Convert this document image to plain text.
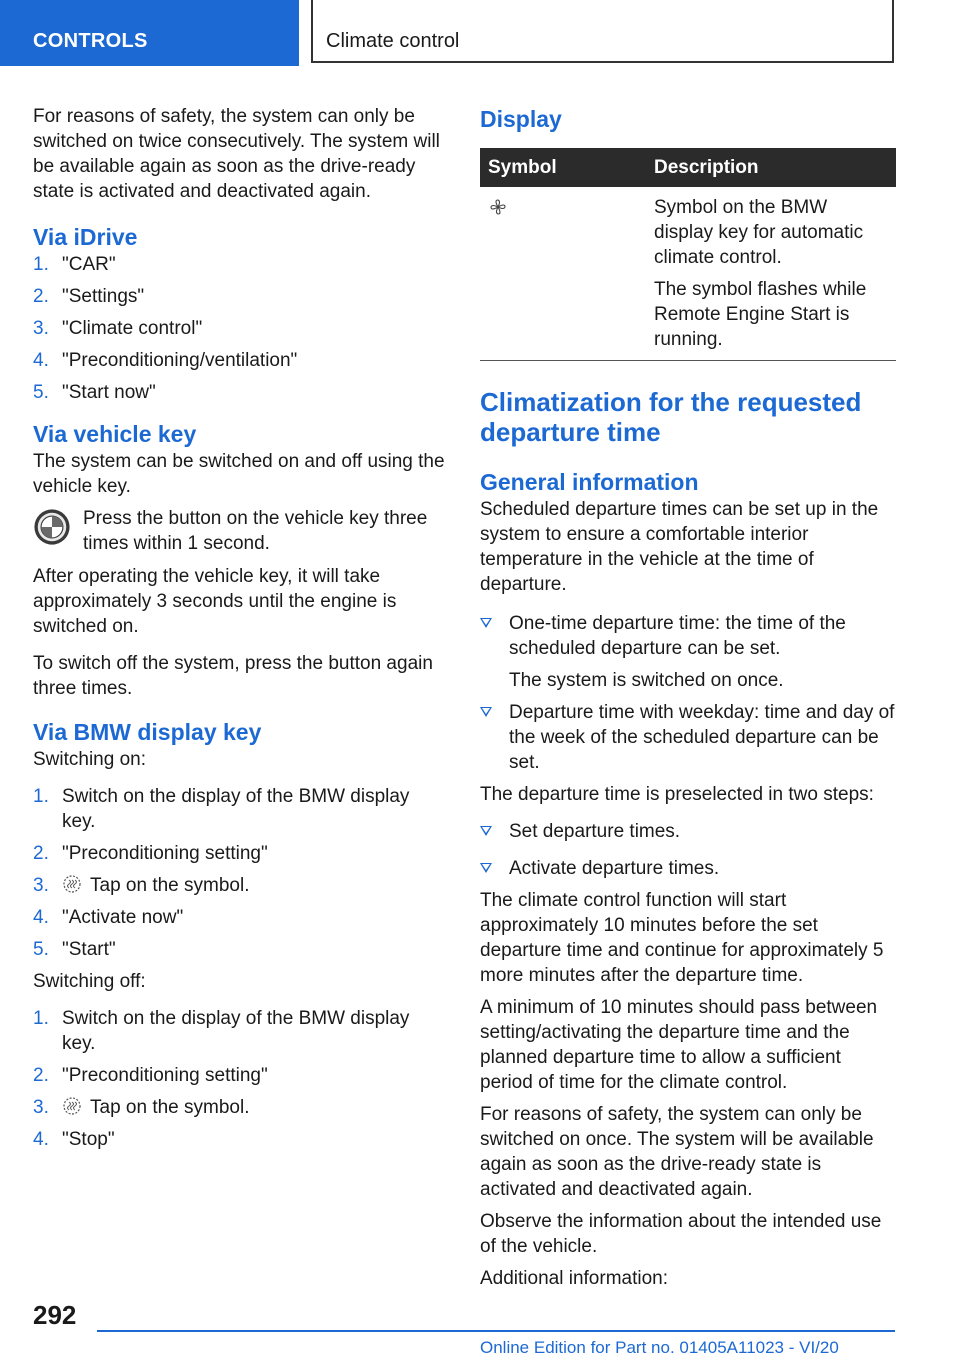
CONTROLS	Climate control

For reasons of safety, the system can only be switched on twice consecutively. The system will be available again as soon as the drive-ready state is activated and deactivated again.

Via iDrive
1. "CAR"
2. "Settings"
3. "Climate control"
4. "Preconditioning/ventilation"
5. "Start now"
Via vehicle key

The system can be switched on and off using the vehicle key.

Press the button on the vehicle key three times within 1 second.

After operating the vehicle key, it will take approximately 3 seconds until the engine is switched on.

To switch off the system, press the button again three times.

Via BMW display key

Switching on:

1. Switch on the display of the BMW display key.
2. "Preconditioning setting"
3. Tap on the symbol.
4. "Activate now"
5. "Start"

Switching off:

1. Switch on the display of the BMW display key.
2. "Preconditioning setting"
3. Tap on the symbol.
4. "Stop"
Display
Symbol	Description

Symbol on the BMW display key for automatic climate control.

The symbol flashes while Remote Engine Start is running.

Climatization for the requested departure time
General information

Scheduled departure times can be set up in the system to ensure a comfortable interior temperature in the vehicle at the time of departure.

One-time departure time: the time of the scheduled departure can be set.
The system is switched on once.
Departure time with weekday: time and day of the week of the scheduled departure can be set.

The departure time is preselected in two steps:

Set departure times.
Activate departure times.

The climate control function will start approximately 10 minutes before the set departure time and continue for approximately 5 more minutes after the departure time.

A minimum of 10 minutes should pass between setting/activating the departure time and the planned departure time to allow a sufficient period of time for the climate control.

For reasons of safety, the system can only be switched on once. The system will be available again as soon as the drive-ready state is activated and deactivated again.

Observe the information about the intended use of the vehicle.

Additional information:

292
Online Edition for Part no. 01405A11023 - VI/20
